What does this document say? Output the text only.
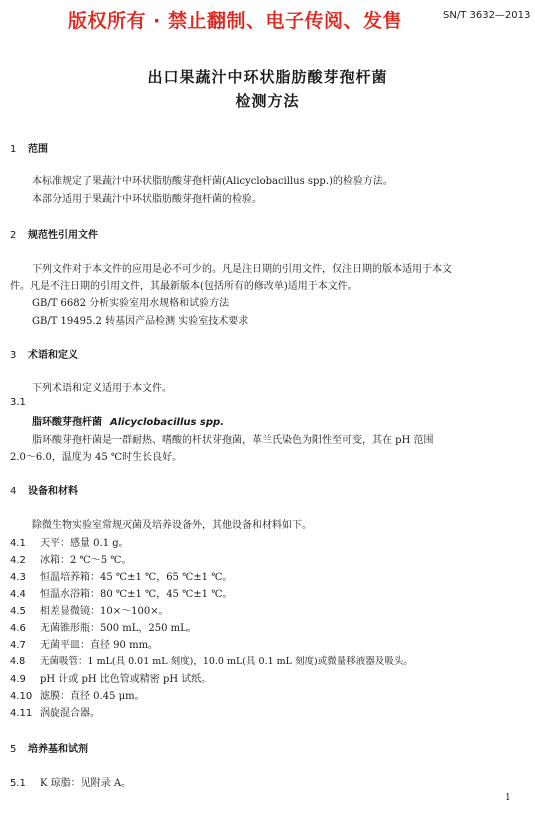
版权所有 · 禁止翻制、电子传阅、发售	SN/T 3632—2013
出口果蔬汁中环状脂肪酸芽孢杆菌
检测方法
1 范围
本标准规定了果蔬汁中环状脂肪酸芽孢杆菌(Alicyclobacillus spp.)的检验方法。
本部分适用于果蔬汁中环状脂肪酸芽孢杆菌的检验。
2 规范性引用文件
下列文件对于本文件的应用是必不可少的。凡是注日期的引用文件，仅注日期的版本适用于本文
件。凡是不注日期的引用文件，其最新版本(包括所有的修改单)适用于本文件。
GB/T 6682 分析实验室用水规格和试验方法
GB/T 19495.2 转基因产品检测 实验室技术要求
3 术语和定义
下列术语和定义适用于本文件。
3.1
脂环酸芽孢杆菌 Alicyclobacillus spp.
脂环酸芽孢杆菌是一群耐热、嗜酸的杆状芽孢菌，革兰氏染色为阳性至可变，其在 pH 范围
2.0～6.0，温度为 45 ℃时生长良好。
4 设备和材料
除微生物实验室常规灭菌及培养设备外，其他设备和材料如下。
4.1 天平：感量 0.1 g。
4.2 冰箱：2 ℃～5 ℃。
4.3 恒温培养箱：45 ℃±1 ℃，65 ℃±1 ℃。
4.4 恒温水浴箱：80 ℃±1 ℃，45 ℃±1 ℃。
4.5 相差显微镜：10×～100×。
4.6 无菌锥形瓶：500 mL，250 mL。
4.7 无菌平皿：直径 90 mm。
4.8 无菌吸管：1 mL(具 0.01 mL 刻度)，10.0 mL(具 0.1 mL 刻度)或微量移液器及吸头。
4.9 pH 计或 pH 比色管或精密 pH 试纸。
4.10 滤膜：直径 0.45 μm。
4.11 涡旋混合器。
5 培养基和试剂
5.1 K 琼脂：见附录 A。
1
